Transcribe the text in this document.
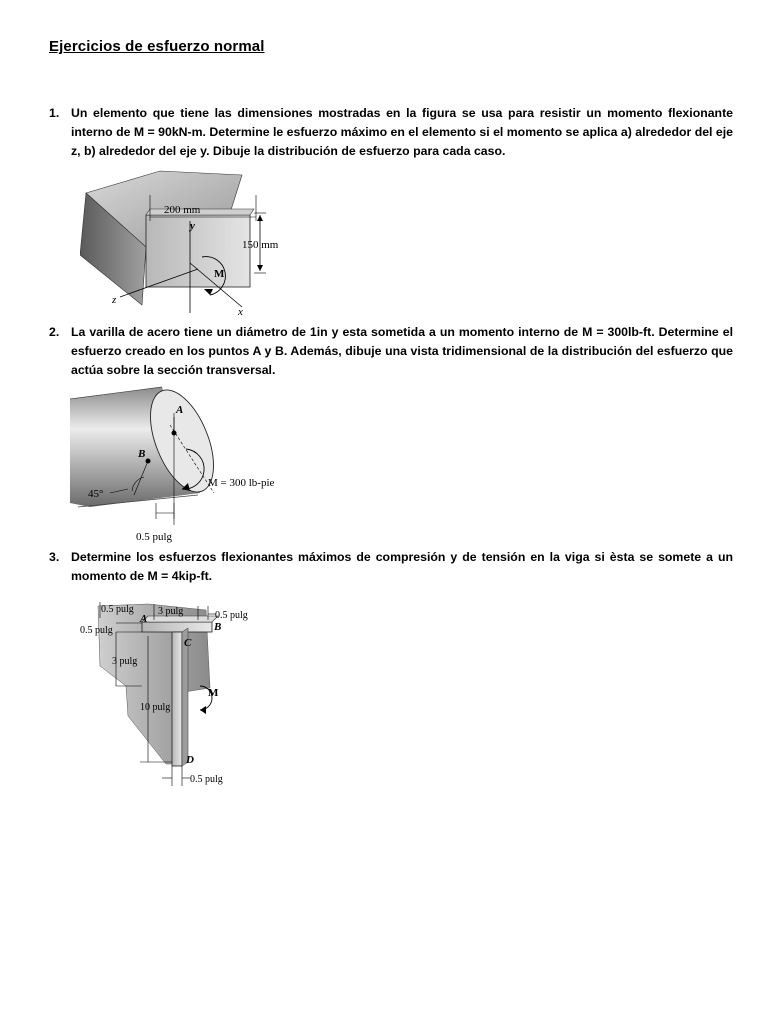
Ejercicios de esfuerzo normal
1. Un elemento que tiene las dimensiones mostradas en la figura se usa para resistir un momento flexionante interno de M = 90kN-m. Determine le esfuerzo máximo en el elemento si el momento se aplica a) alrededor del eje z, b) alrededor del eje y. Dibuje la distribución de esfuerzo para cada caso.
200 mm
150 mm
y
z
x
M
2. La varilla de acero tiene un diámetro de 1in y esta sometida a un momento interno de M = 300lb-ft. Determine el esfuerzo creado en los puntos A y B. Además, dibuje una vista tridimensional de la distribución del esfuerzo que actúa sobre la sección transversal.
A
B
45°
M = 300 lb-pie
0.5 pulg
3. Determine los esfuerzos flexionantes máximos de compresión y de tensión en la viga si èsta se somete a un momento de M = 4kip-ft.
0.5 pulg 3 pulg	0.5 pulg
0.5 pulg
A
B
C
3 pulg
10 pulg
M
D
0.5 pulg
